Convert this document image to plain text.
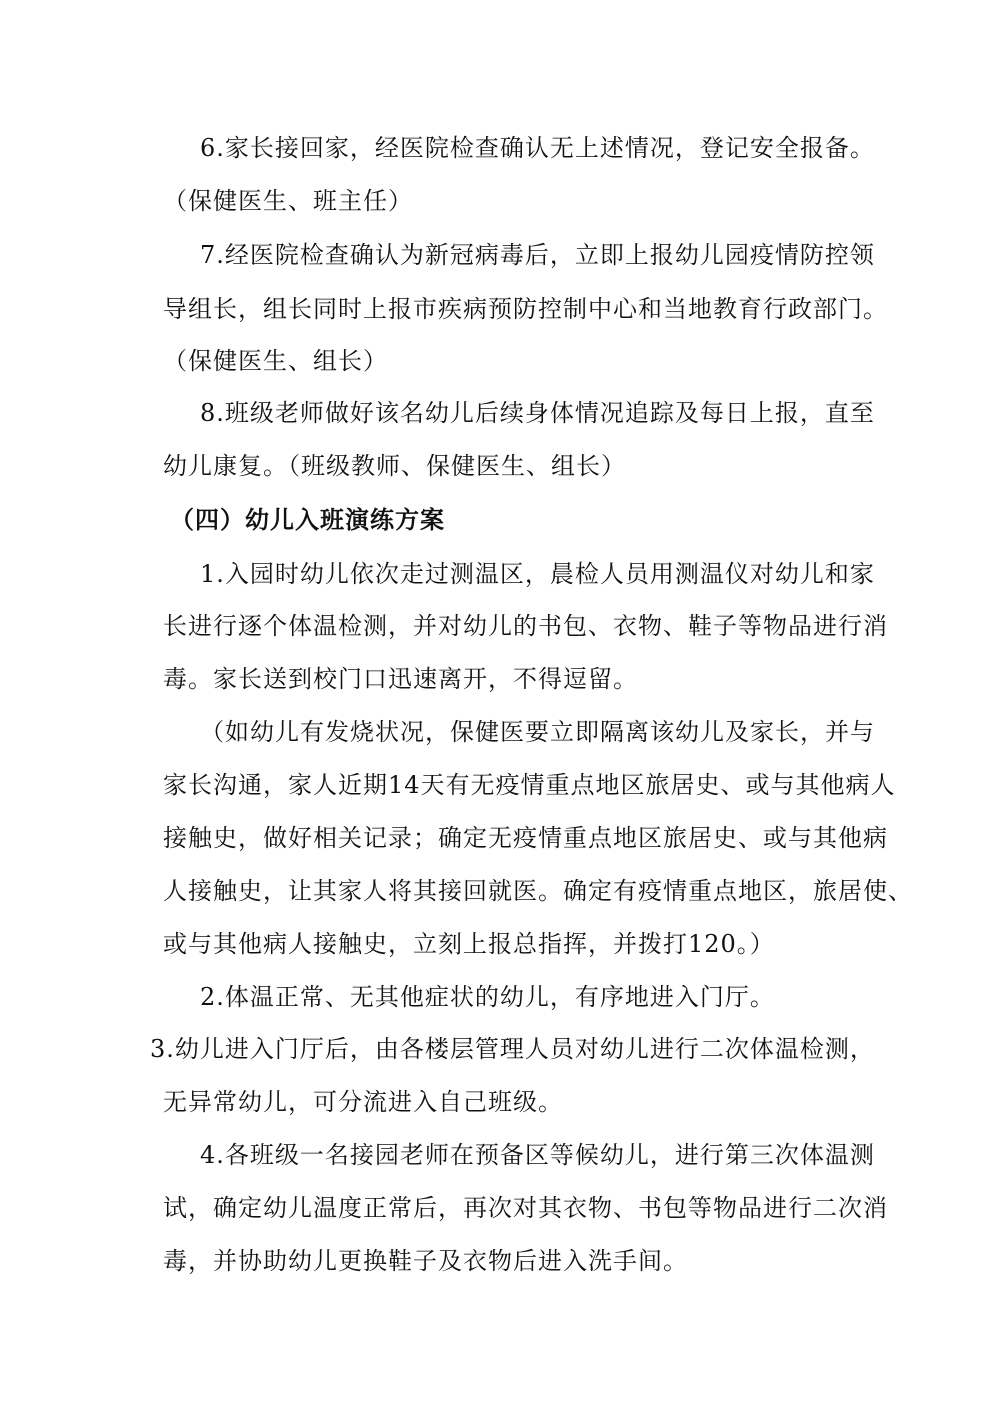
6.家长接回家，经医院检查确认无上述情况，登记安全报备。
（保健医生、班主任）
7.经医院检查确认为新冠病毒后，立即上报幼儿园疫情防控领
导组长，组长同时上报市疾病预防控制中心和当地教育行政部门。
（保健医生、组长）
8.班级老师做好该名幼儿后续身体情况追踪及每日上报，直至
幼儿康复。（班级教师、保健医生、组长）
（四）幼儿入班演练方案
1.入园时幼儿依次走过测温区，晨检人员用测温仪对幼儿和家
长进行逐个体温检测，并对幼儿的书包、衣物、鞋子等物品进行消
毒。家长送到校门口迅速离开，不得逗留。
（如幼儿有发烧状况，保健医要立即隔离该幼儿及家长，并与
家长沟通，家人近期14天有无疫情重点地区旅居史、或与其他病人
接触史，做好相关记录；确定无疫情重点地区旅居史、或与其他病
人接触史，让其家人将其接回就医。确定有疫情重点地区，旅居使、
或与其他病人接触史，立刻上报总指挥，并拨打120。）
2.体温正常、无其他症状的幼儿，有序地进入门厅。
3.幼儿进入门厅后，由各楼层管理人员对幼儿进行二次体温检测，
无异常幼儿，可分流进入自己班级。
4.各班级一名接园老师在预备区等候幼儿，进行第三次体温测
试，确定幼儿温度正常后，再次对其衣物、书包等物品进行二次消
毒，并协助幼儿更换鞋子及衣物后进入洗手间。
